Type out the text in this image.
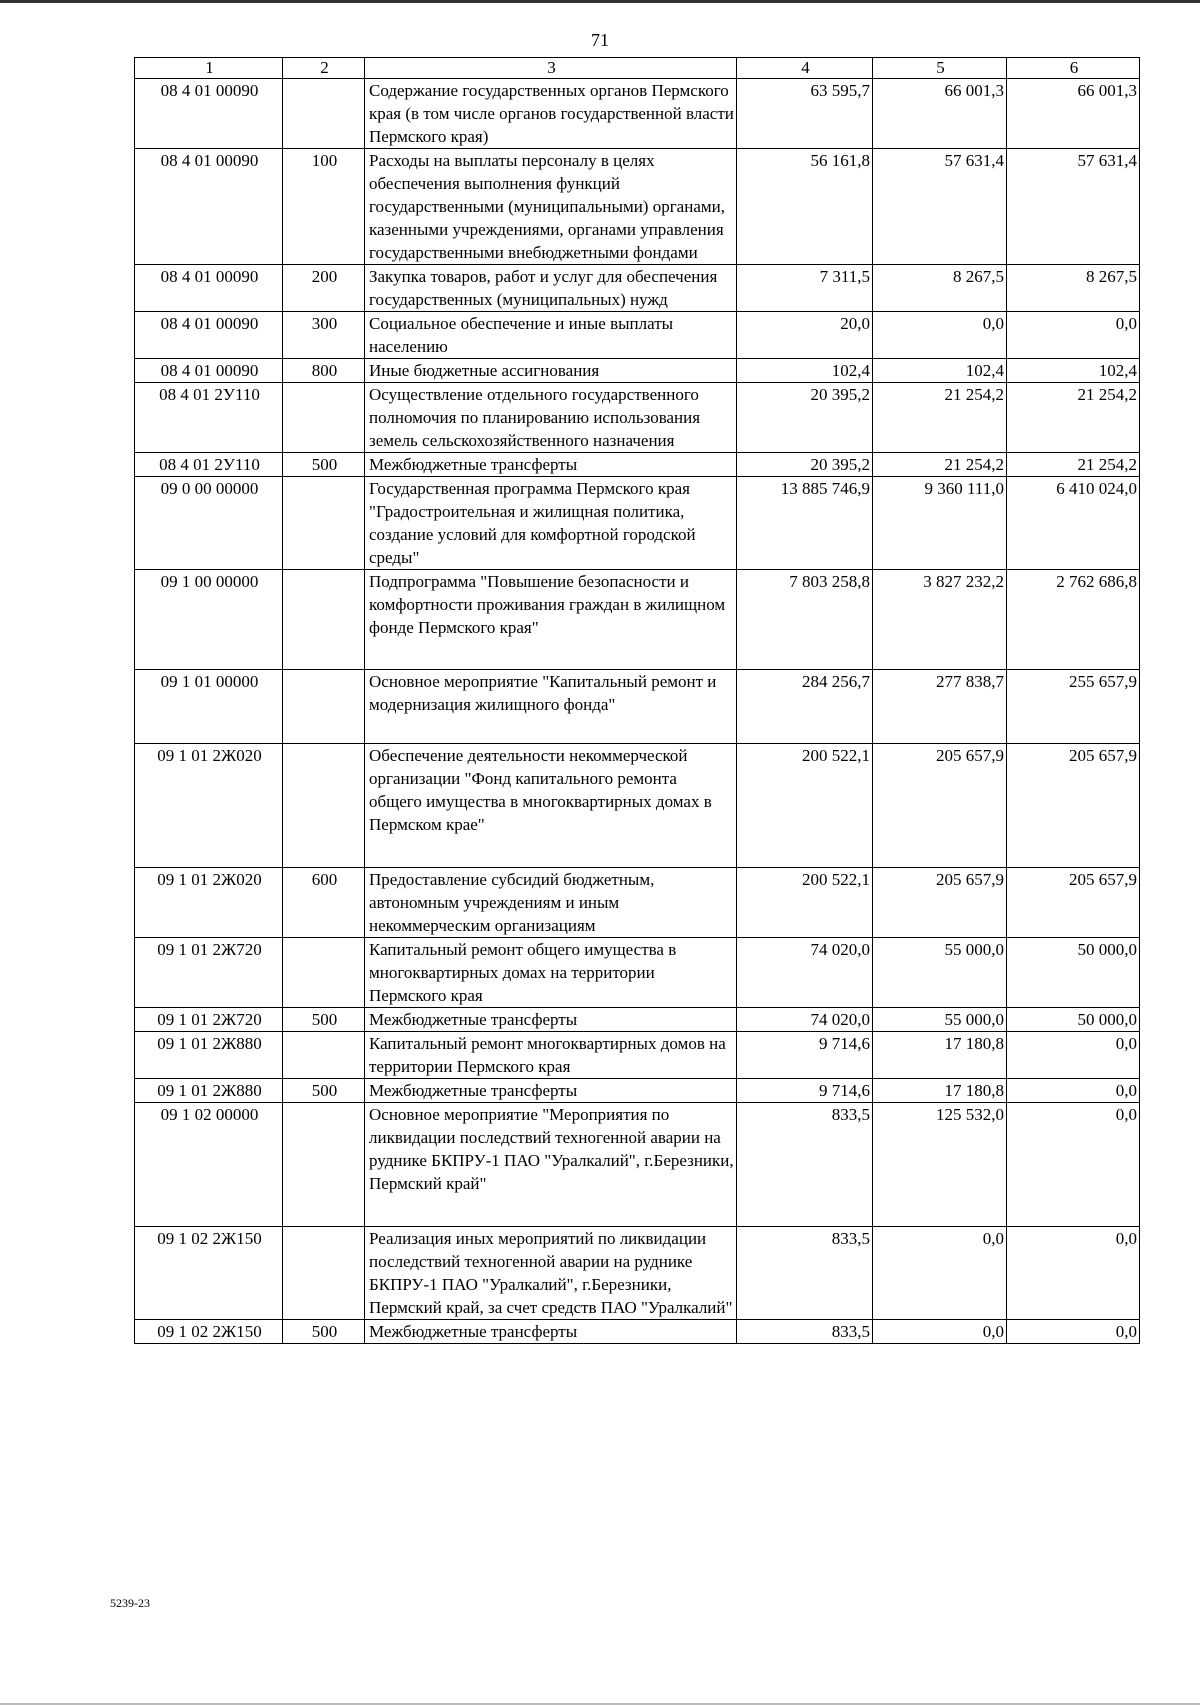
71
1	2	3	4	5	6
08 4 01 00090		Содержание государственных органов Пермского края (в том числе органов государственной власти Пермского края)	63 595,7	66 001,3	66 001,3
08 4 01 00090	100	Расходы на выплаты персоналу в целях обеспечения выполнения функций государственными (муниципальными) органами, казенными учреждениями, органами управления государственными внебюджетными фондами	56 161,8	57 631,4	57 631,4
08 4 01 00090	200	Закупка товаров, работ и услуг для обеспечения государственных (муниципальных) нужд	7 311,5	8 267,5	8 267,5
08 4 01 00090	300	Социальное обеспечение и иные выплаты населению	20,0	0,0	0,0
08 4 01 00090	800	Иные бюджетные ассигнования	102,4	102,4	102,4
08 4 01 2У110		Осуществление отдельного государственного полномочия по планированию использования земель сельскохозяйственного назначения	20 395,2	21 254,2	21 254,2
08 4 01 2У110	500	Межбюджетные трансферты	20 395,2	21 254,2	21 254,2
09 0 00 00000		Государственная программа Пермского края "Градостроительная и жилищная политика, создание условий для комфортной городской среды"	13 885 746,9	9 360 111,0	6 410 024,0
09 1 00 00000		Подпрограмма "Повышение безопасности и комфортности проживания граждан в жилищном фонде Пермского края"	7 803 258,8	3 827 232,2	2 762 686,8
09 1 01 00000		Основное мероприятие "Капитальный ремонт и модернизация жилищного фонда"	284 256,7	277 838,7	255 657,9
09 1 01 2Ж020		Обеспечение деятельности некоммерческой организации "Фонд капитального ремонта общего имущества в многоквартирных домах в Пермском крае"	200 522,1	205 657,9	205 657,9
09 1 01 2Ж020	600	Предоставление субсидий бюджетным, автономным учреждениям и иным некоммерческим организациям	200 522,1	205 657,9	205 657,9
09 1 01 2Ж720		Капитальный ремонт общего имущества в многоквартирных домах на территории Пермского края	74 020,0	55 000,0	50 000,0
09 1 01 2Ж720	500	Межбюджетные трансферты	74 020,0	55 000,0	50 000,0
09 1 01 2Ж880		Капитальный ремонт многоквартирных домов на территории Пермского края	9 714,6	17 180,8	0,0
09 1 01 2Ж880	500	Межбюджетные трансферты	9 714,6	17 180,8	0,0
09 1 02 00000		Основное мероприятие "Мероприятия по ликвидации последствий техногенной аварии на руднике БКПРУ-1 ПАО "Уралкалий", г.Березники, Пермский край"	833,5	125 532,0	0,0
09 1 02 2Ж150		Реализация иных мероприятий по ликвидации последствий техногенной аварии на руднике БКПРУ-1 ПАО "Уралкалий", г.Березники, Пермский край, за счет средств ПАО "Уралкалий"	833,5	0,0	0,0
09 1 02 2Ж150	500	Межбюджетные трансферты	833,5	0,0	0,0
5239-23
